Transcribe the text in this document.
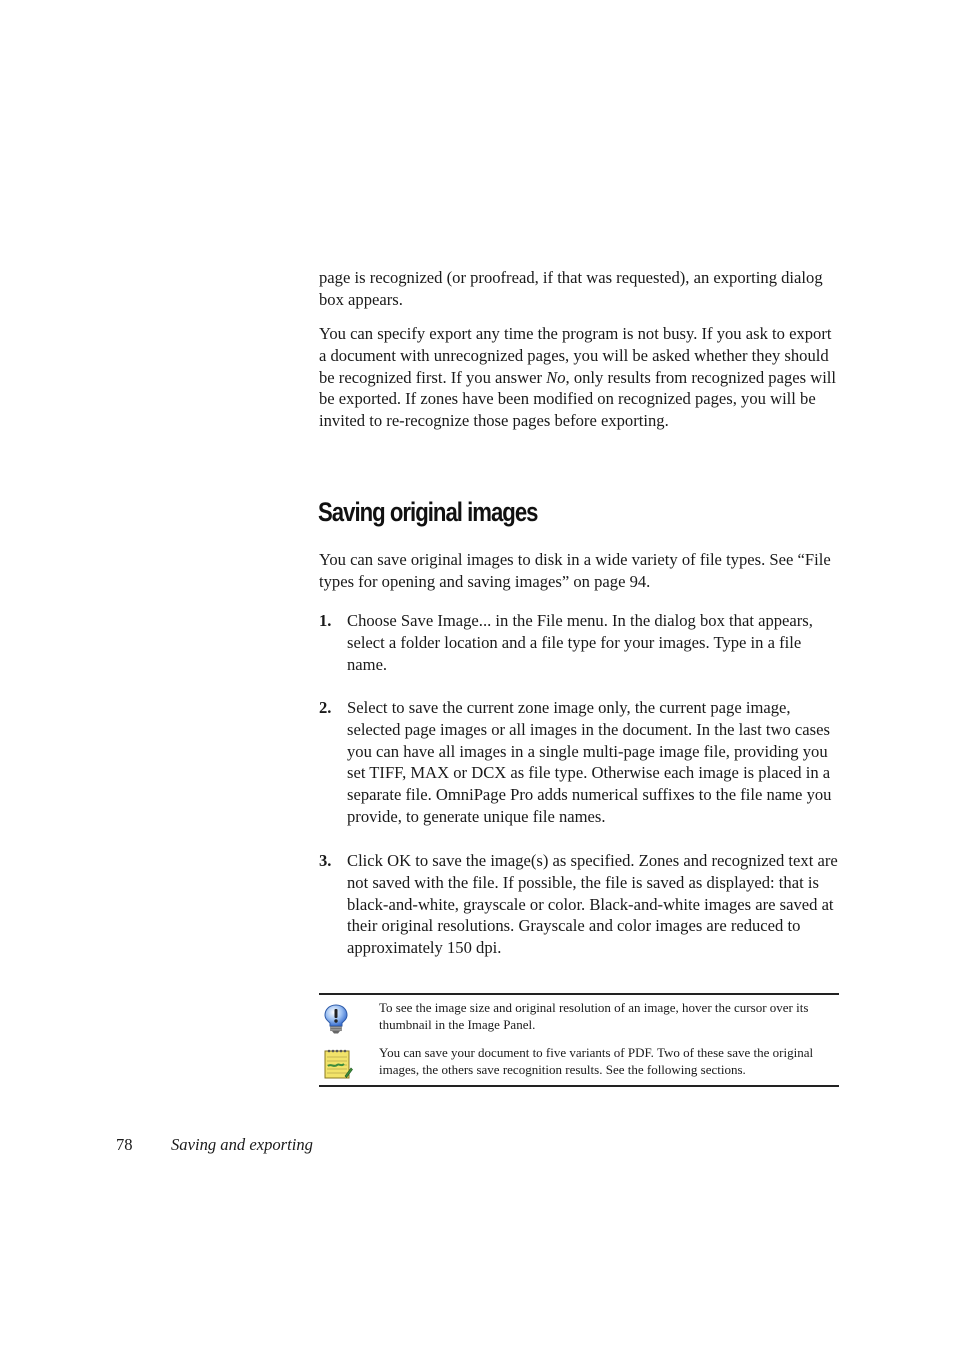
page is recognized (or proofread, if that was requested), an exporting dialog box appears.

You can specify export any time the program is not busy. If you ask to export a document with unrecognized pages, you will be asked whether they should be recognized first. If you answer No, only results from recognized pages will be exported. If zones have been modified on recognized pages, you will be invited to re-recognize those pages before exporting.

Saving original images

You can save original images to disk in a wide variety of file types. See “File types for opening and saving images” on page 94.

1. Choose Save Image... in the File menu. In the dialog box that appears, select a folder location and a file type for your images. Type in a file name.
2. Select to save the current zone image only, the current page image, selected page images or all images in the document. In the last two cases you can have all images in a single multi-page image file, providing you set TIFF, MAX or DCX as file type. Otherwise each image is placed in a separate file. OmniPage Pro adds numerical suffixes to the file name you provide, to generate unique file names.
3. Click OK to save the image(s) as specified. Zones and recognized text are not saved with the file. If possible, the file is saved as displayed: that is black-and-white, grayscale or color. Black-and-white images are saved at their original resolutions. Grayscale and color images are reduced to approximately 150 dpi.
To see the image size and original resolution of an image, hover the cursor over its thumbnail in the Image Panel.
You can save your document to five variants of PDF. Two of these save the original images, the others save recognition results. See the following sections.
78 Saving and exporting
